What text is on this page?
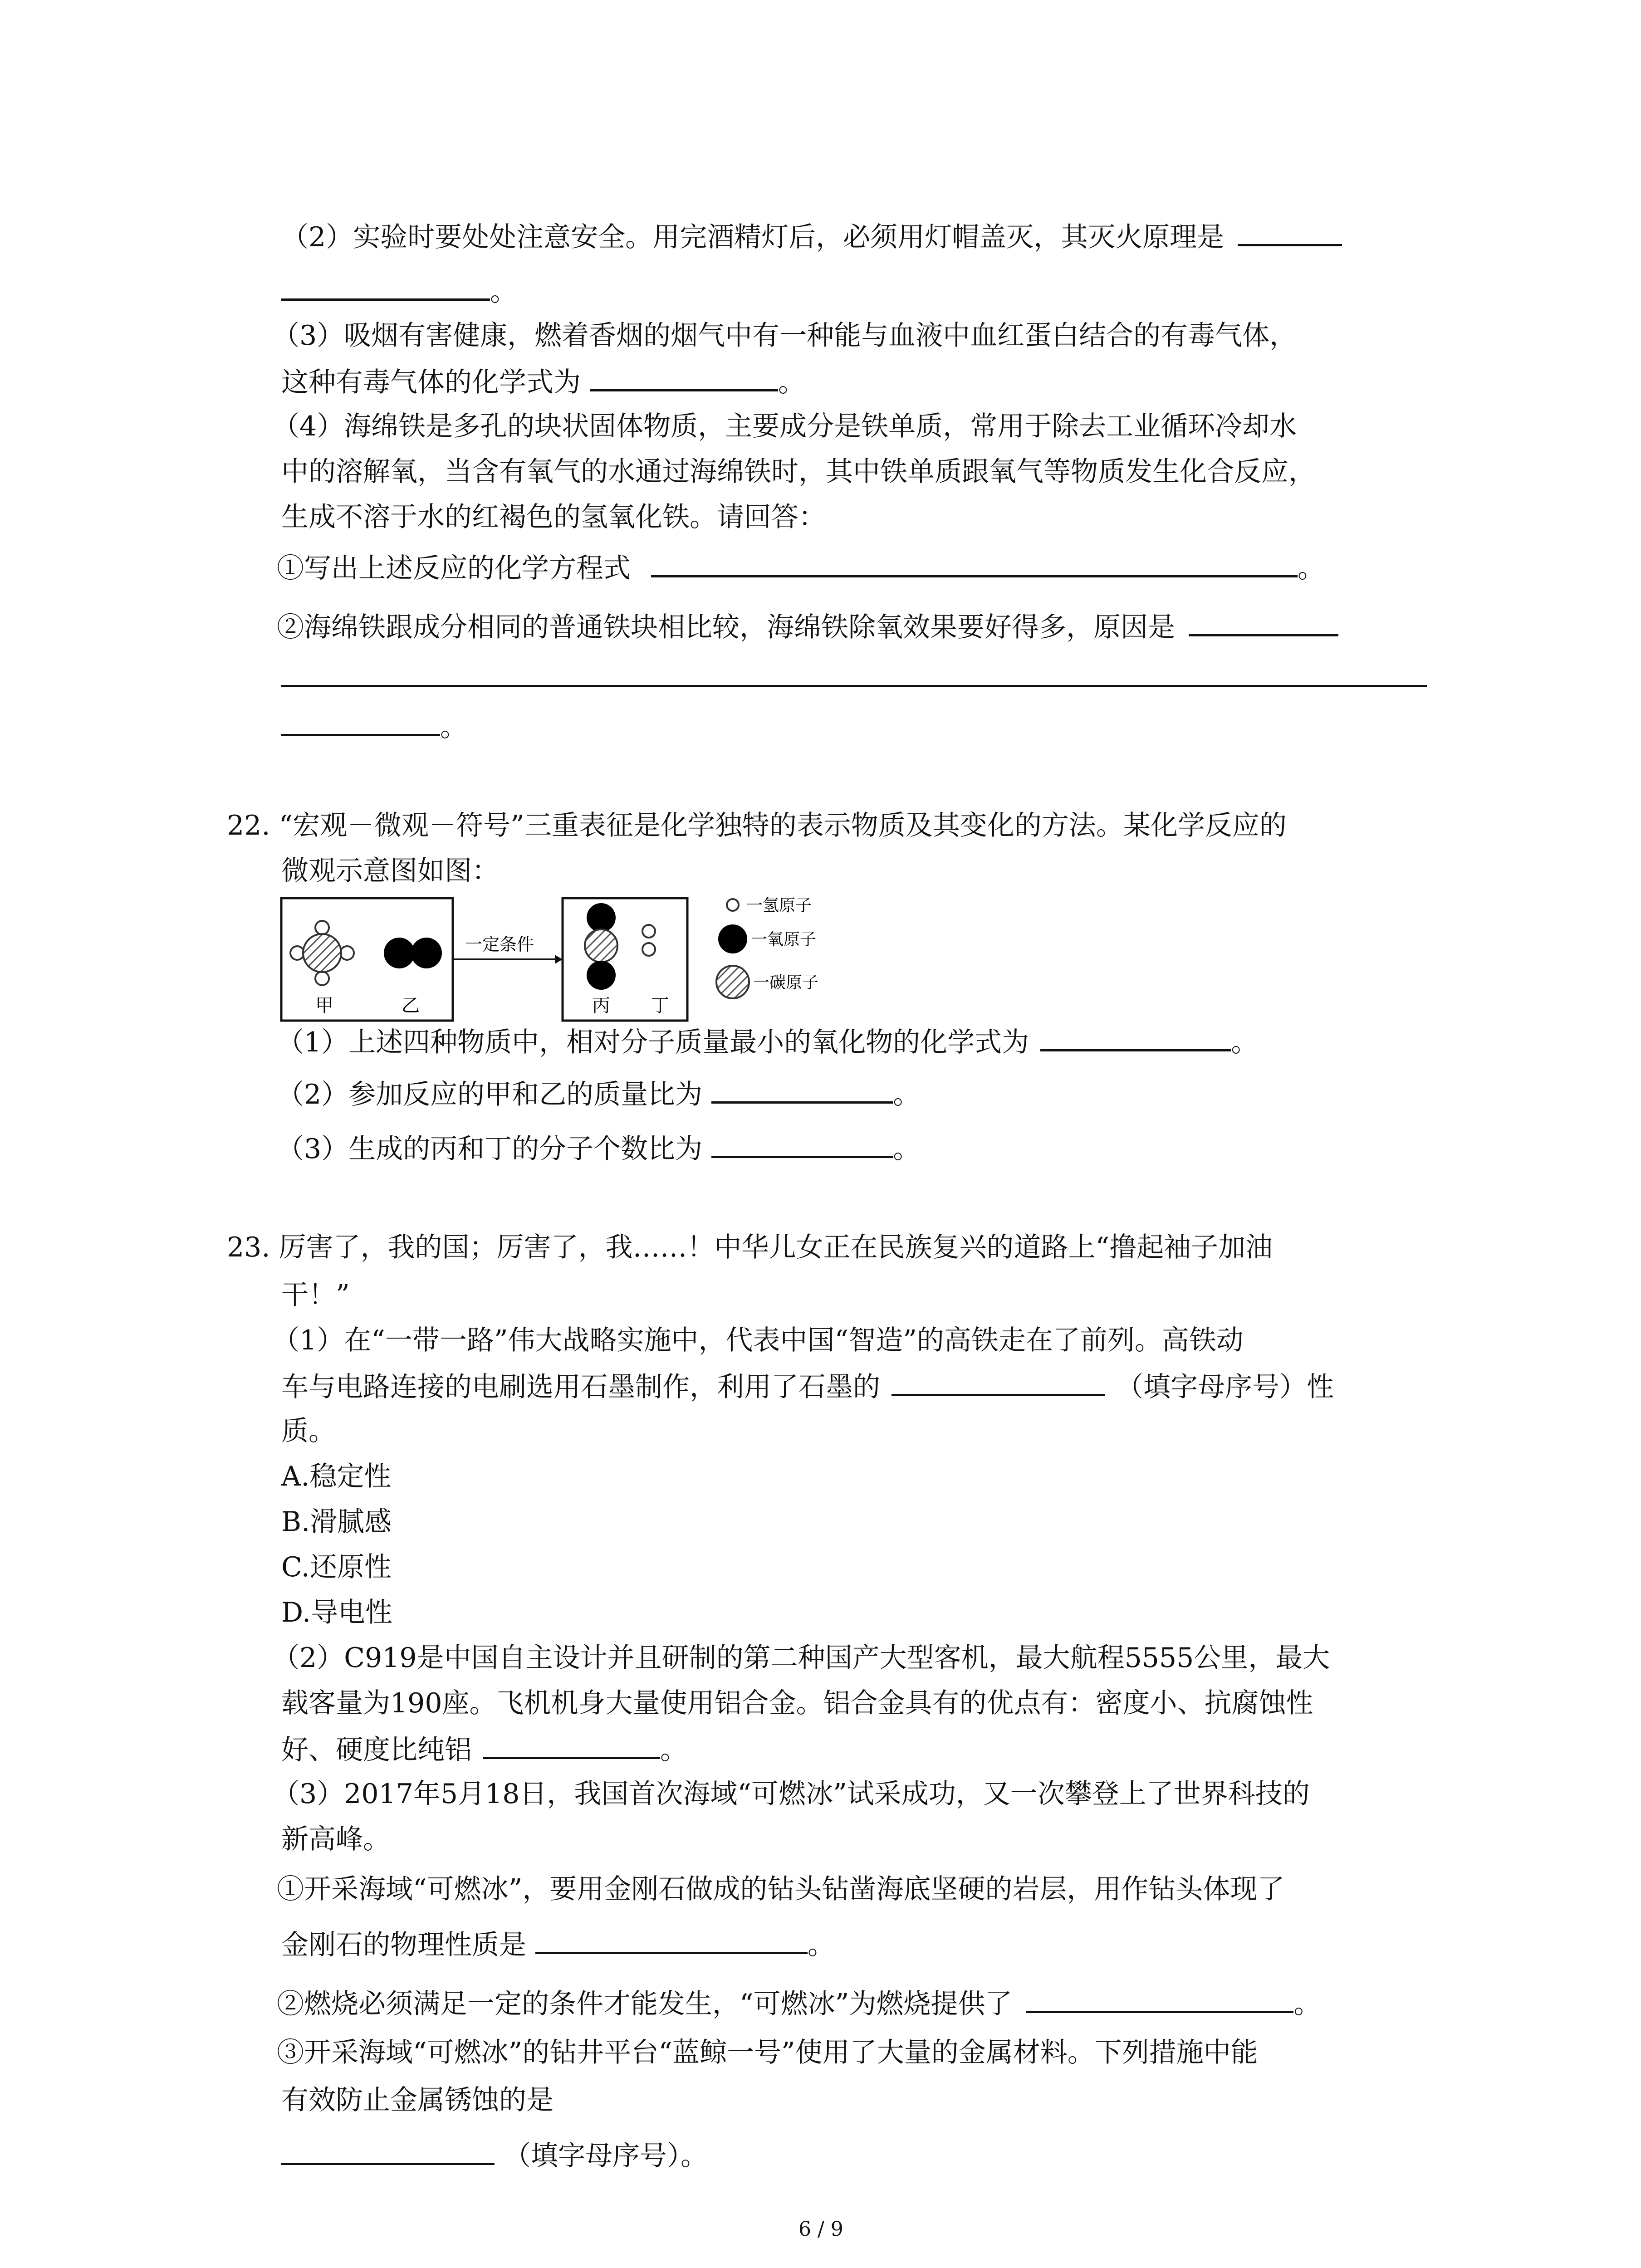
（2）实验时要处处注意安全。用完酒精灯后，必须用灯帽盖灭，其灭火原理是
。
（3）吸烟有害健康，燃着香烟的烟气中有一种能与血液中血红蛋白结合的有毒气体，
这种有毒气体的化学式为	。
（4）海绵铁是多孔的块状固体物质，主要成分是铁单质，常用于除去工业循环冷却水
中的溶解氧，当含有氧气的水通过海绵铁时，其中铁单质跟氧气等物质发生化合反应，
生成不溶于水的红褐色的氢氧化铁。请回答：
①写出上述反应的化学方程式	。
②海绵铁跟成分相同的普通铁块相比较，海绵铁除氧效果要好得多，原因是
。
22. “宏观－微观－符号”三重表征是化学独特的表示物质及其变化的方法。某化学反应的
微观示意图如图：
甲	乙
一定条件
丙 丁
一氢原子
一氧原子
一碳原子
（1）上述四种物质中，相对分子质量最小的氧化物的化学式为	。
（2）参加反应的甲和乙的质量比为	。
（3）生成的丙和丁的分子个数比为	。
23. 厉害了，我的国；厉害了，我……！中华儿女正在民族复兴的道路上“撸起袖子加油
干！”
（1）在“一带一路”伟大战略实施中，代表中国“智造”的高铁走在了前列。高铁动
车与电路连接的电刷选用石墨制作，利用了石墨的	（填字母序号）性
质。
A.稳定性
B.滑腻感
C.还原性
D.导电性
（2）C919是中国自主设计并且研制的第二种国产大型客机，最大航程5555公里，最大
载客量为190座。飞机机身大量使用铝合金。铝合金具有的优点有：密度小、抗腐蚀性
好、硬度比纯铝	。
（3）2017年5月18日，我国首次海域“可燃冰”试采成功，又一次攀登上了世界科技的
新高峰。
①开采海域“可燃冰”，要用金刚石做成的钻头钻凿海底坚硬的岩层，用作钻头体现了
金刚石的物理性质是	。
②燃烧必须满足一定的条件才能发生，“可燃冰”为燃烧提供了	。
③开采海域“可燃冰”的钻井平台“蓝鲸一号”使用了大量的金属材料。下列措施中能
有效防止金属锈蚀的是
（填字母序号）。
6 / 9
